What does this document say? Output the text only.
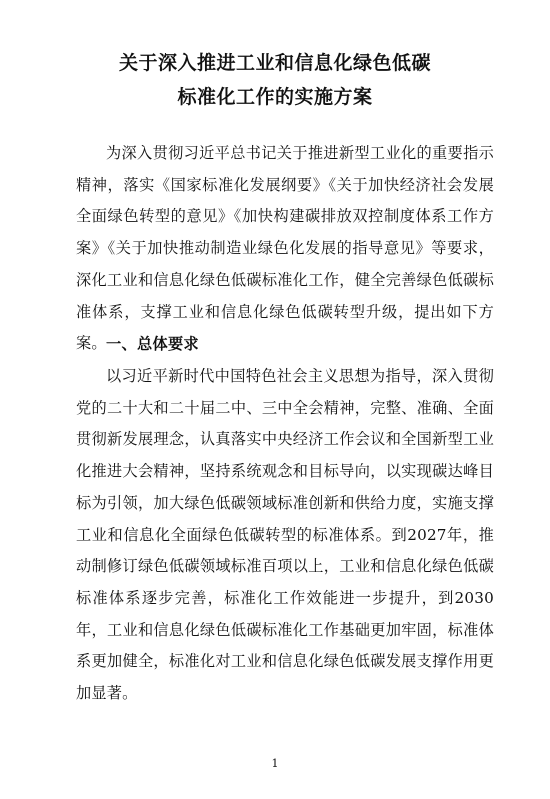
关于深入推进工业和信息化绿色低碳
标准化工作的实施方案

为深入贯彻习近平总书记关于推进新型工业化的重要指示精神，落实《国家标准化发展纲要》《关于加快经济社会发展全面绿色转型的意见》《加快构建碳排放双控制度体系工作方案》《关于加快推动制造业绿色化发展的指导意见》等要求，深化工业和信息化绿色低碳标准化工作，健全完善绿色低碳标准体系，支撑工业和信息化绿色低碳转型升级，提出如下方案。 一、总体要求

以习近平新时代中国特色社会主义思想为指导，深入贯彻党的二十大和二十届二中、三中全会精神，完整、准确、全面贯彻新发展理念，认真落实中央经济工作会议和全国新型工业化推进大会精神，坚持系统观念和目标导向，以实现碳达峰目标为引领，加大绿色低碳领域标准创新和供给力度，实施支撑工业和信息化全面绿色低碳转型的标准体系。到2027年，推动制修订绿色低碳领域标准百项以上，工业和信息化绿色低碳标准体系逐步完善，标准化工作效能进一步提升，到2030年，工业和信息化绿色低碳标准化工作基础更加牢固，标准体系更加健全，标准化对工业和信息化绿色低碳发展支撑作用更加显著。

1
